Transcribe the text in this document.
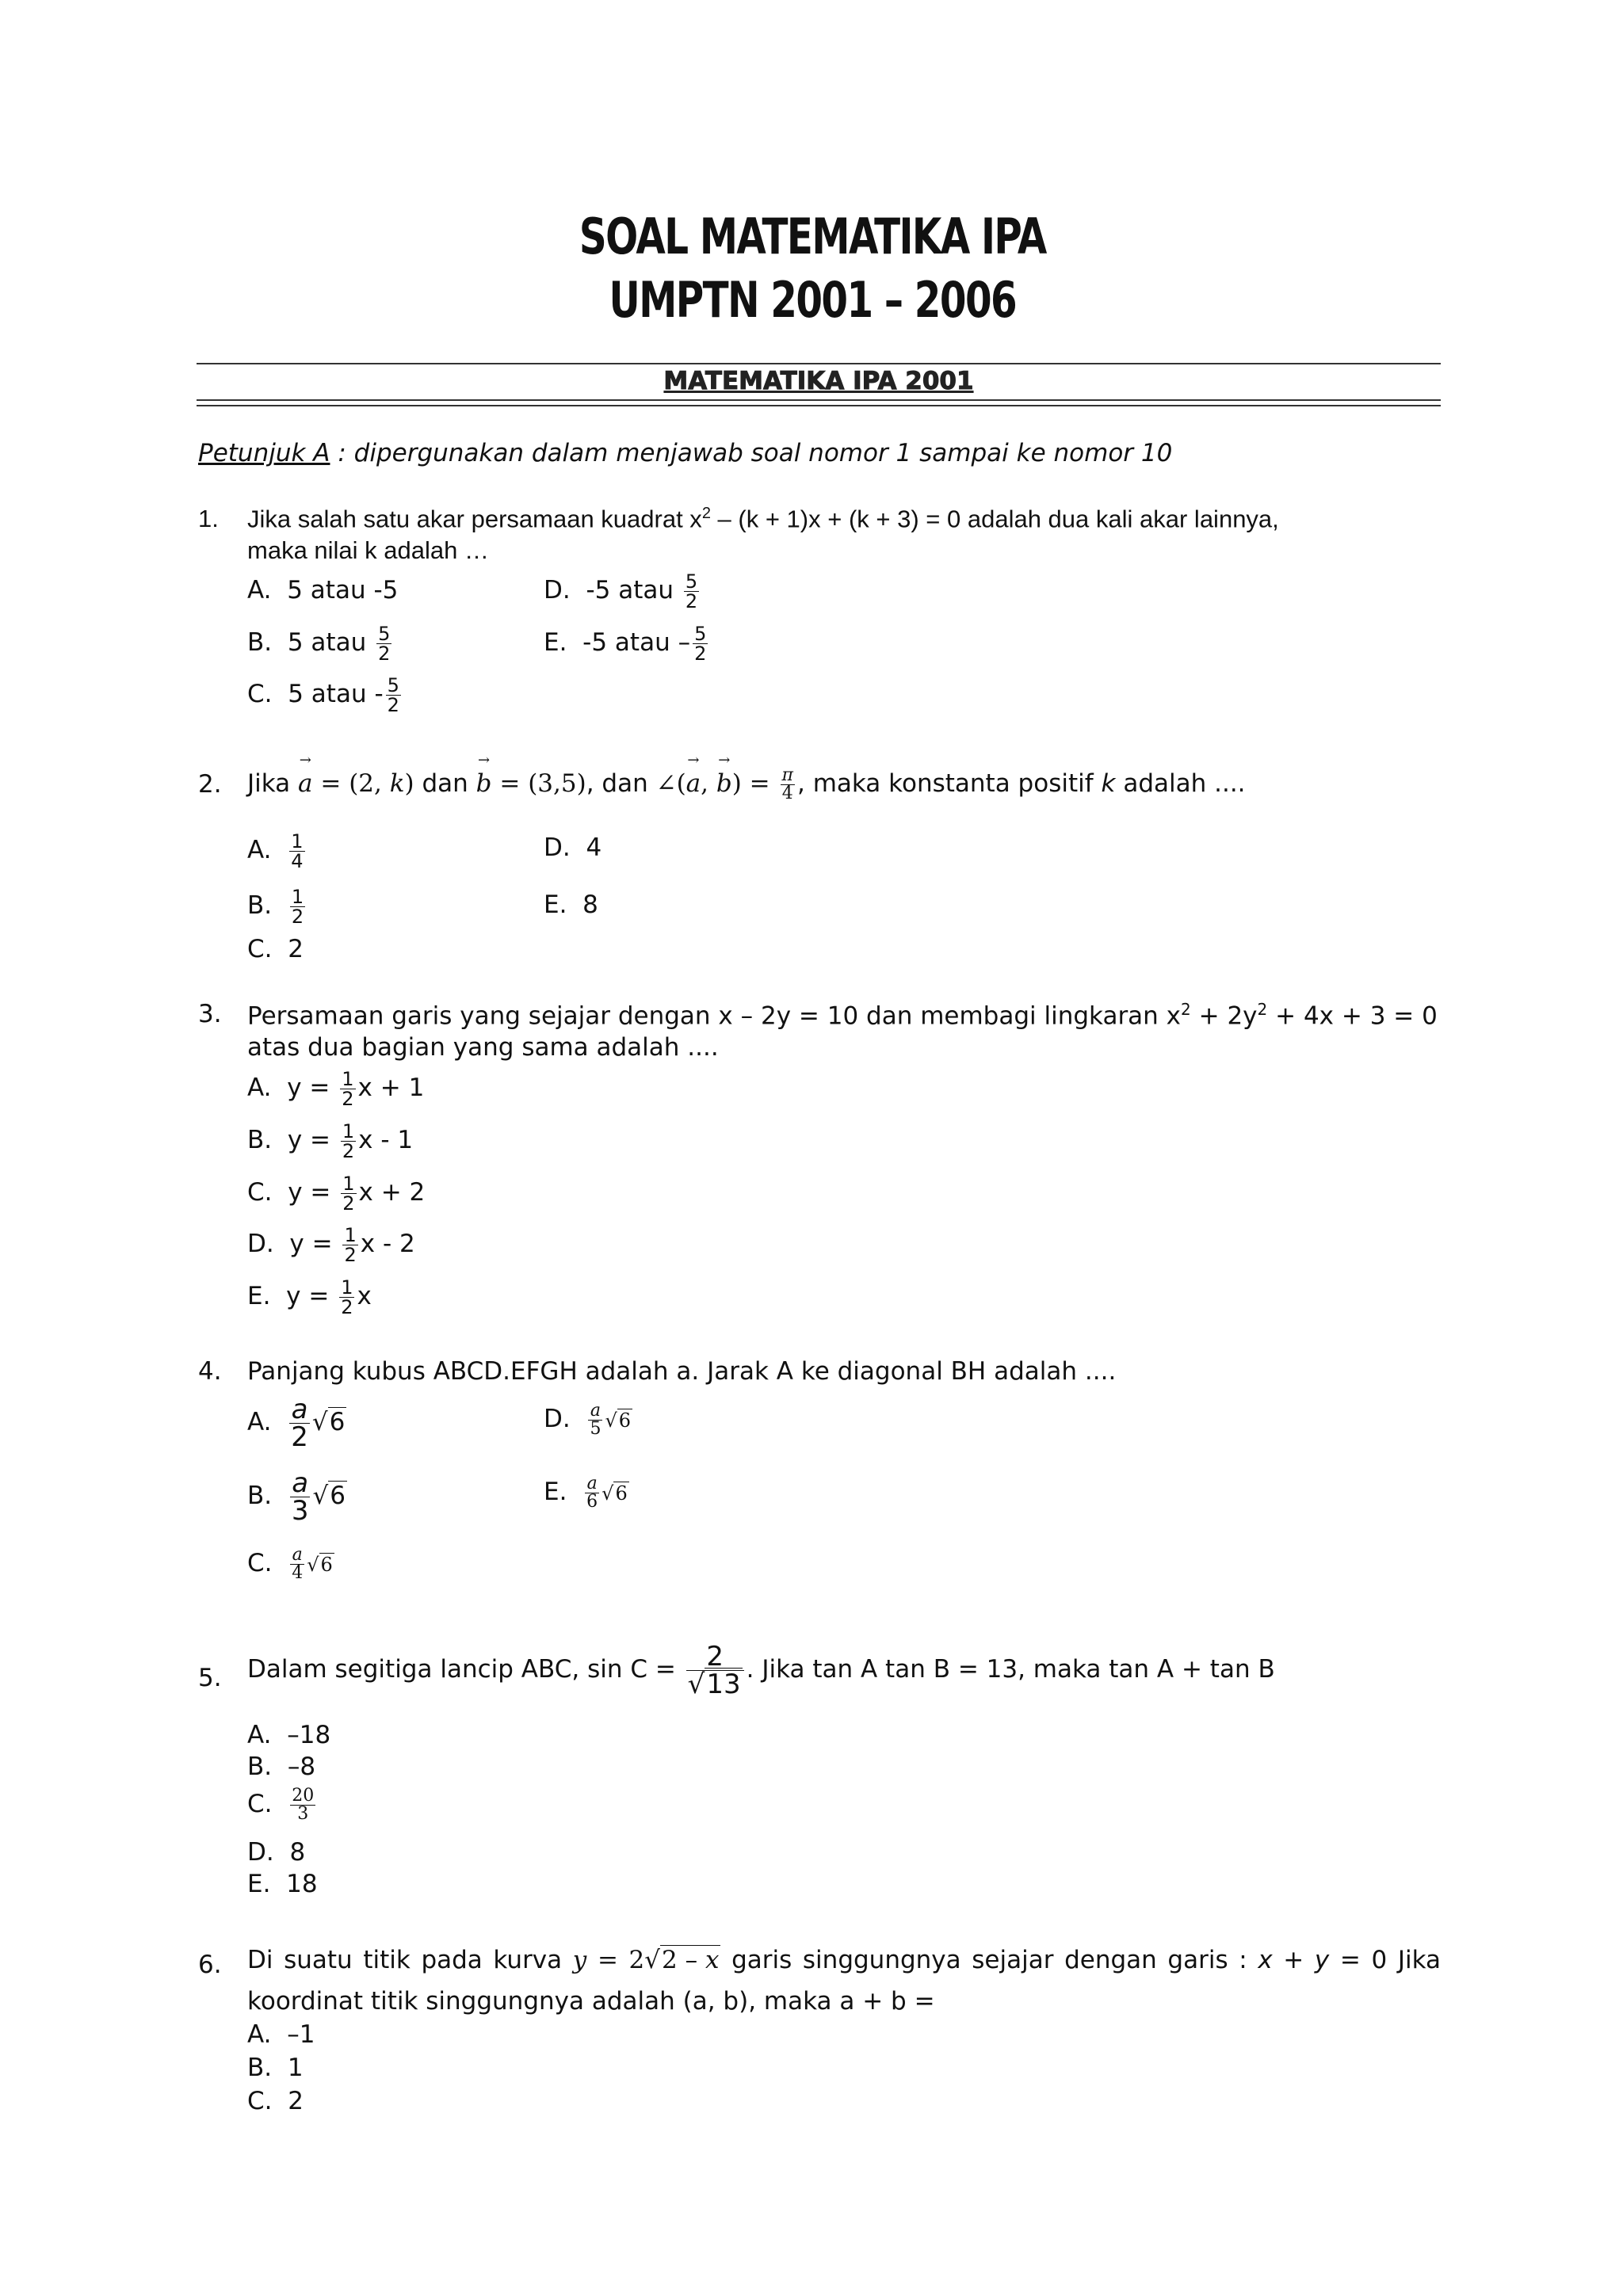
SOAL MATEMATIKA IPA
UMPTN 2001 – 2006
MATEMATIKA IPA 2001
Petunjuk A : dipergunakan dalam menjawab soal nomor 1 sampai ke nomor 10
1. Jika salah satu akar persamaan kuadrat $x^2 - (k + 1)x + (k + 3) = 0$ adalah dua kali akar lainnya,
maka nilai k adalah …
A.  5 atau -5	D.  -5 atau $\frac{5}{2}$
B.  5 atau $\frac{5}{2}$	E.  -5 atau – $\frac{5}{2}$
C.  5 atau - $\frac{5}{2}$
2. Jika → a = (2, k) dan → b = (3,5), dan ∠(→ a, → $b) = \frac{\pi}{4}$ , maka konstanta positif k adalah ....
A. $\frac{1}{4}$	D.  4
B. $\frac{1}{2}$	E.  8
C.  2
3. Persamaan garis yang sejajar dengan x – 2y = 10 dan membagi lingkaran $x^2 + 2y^2 + 4x + 3 = 0$
atas dua bagian yang sama adalah ....
A.  $y = \frac{1}{2}$ x + 1
B.  $y = \frac{1}{2}$ x - 1
C.  $y = \frac{1}{2}$ x + 2
D.  $y = \frac{1}{2}$ x - 2
E.  $y = \frac{1}{2}$ x
4. Panjang kubus ABCD.EFGH adalah a. Jarak A ke diagonal BH adalah ....
A. $\frac{a}{2} √6$	D. $\frac{a}{5} √6$
B. $\frac{a}{3} √6$	E. $\frac{a}{6} √6$
C. $\frac{a}{4} √6$
5. Dalam segitiga lancip ABC, $\sin C = \frac{2}{√13}$ . Jika tan A tan B = 13, maka tan A + tan B
A.  –18
B.  –8
C. $\frac{20}{3}$
D.  8
E.  18
6. Di suatu titik pada kurva y = 2√2 – x garis singgungnya sejajar dengan garis : x + y = 0 Jika
koordinat titik singgungnya adalah (a, b), maka a + b =
A.  –1
B.  1
C.  2
